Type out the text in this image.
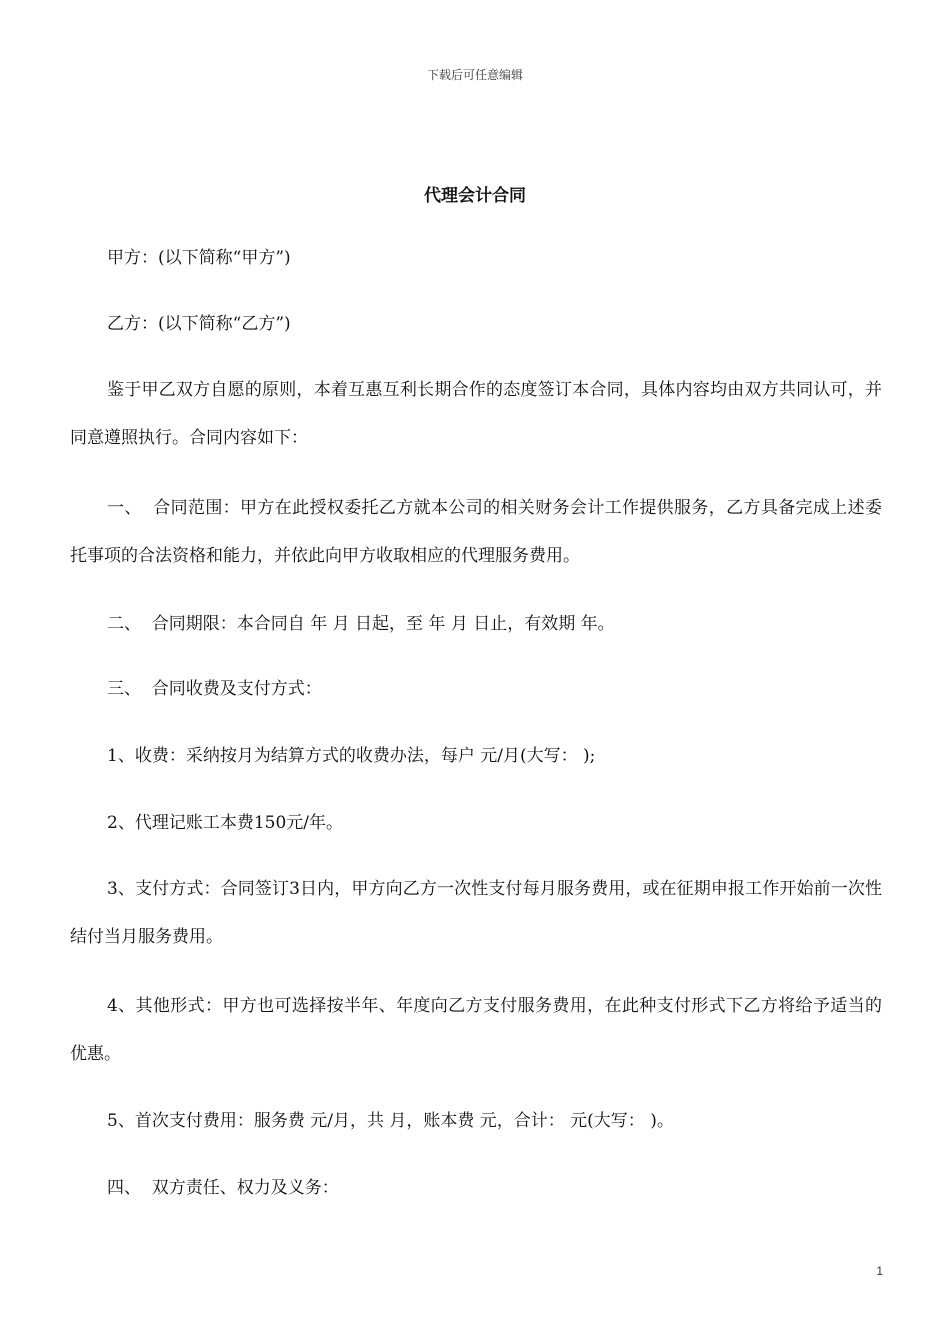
下载后可任意编辑
代理会计合同

甲方：(以下简称“甲方”)

乙方：(以下简称“乙方”)

鉴于甲乙双方自愿的原则，本着互惠互利长期合作的态度签订本合同，具体内容均由双方共同认可，并同意遵照执行。合同内容如下：

一、  合同范围：甲方在此授权委托乙方就本公司的相关财务会计工作提供服务，乙方具备完成上述委托事项的合法资格和能力，并依此向甲方收取相应的代理服务费用。

二、  合同期限：本合同自 年 月 日起，至 年 月 日止，有效期 年。

三、  合同收费及支付方式：

1、收费：采纳按月为结算方式的收费办法，每户 元/月(大写： );

2、代理记账工本费150元/年。

3、支付方式：合同签订3日内，甲方向乙方一次性支付每月服务费用，或在征期申报工作开始前一次性结付当月服务费用。

4、其他形式：甲方也可选择按半年、年度向乙方支付服务费用，在此种支付形式下乙方将给予适当的优惠。

5、首次支付费用：服务费 元/月，共 月，账本费 元，合计： 元(大写： )。

四、  双方责任、权力及义务：

1
